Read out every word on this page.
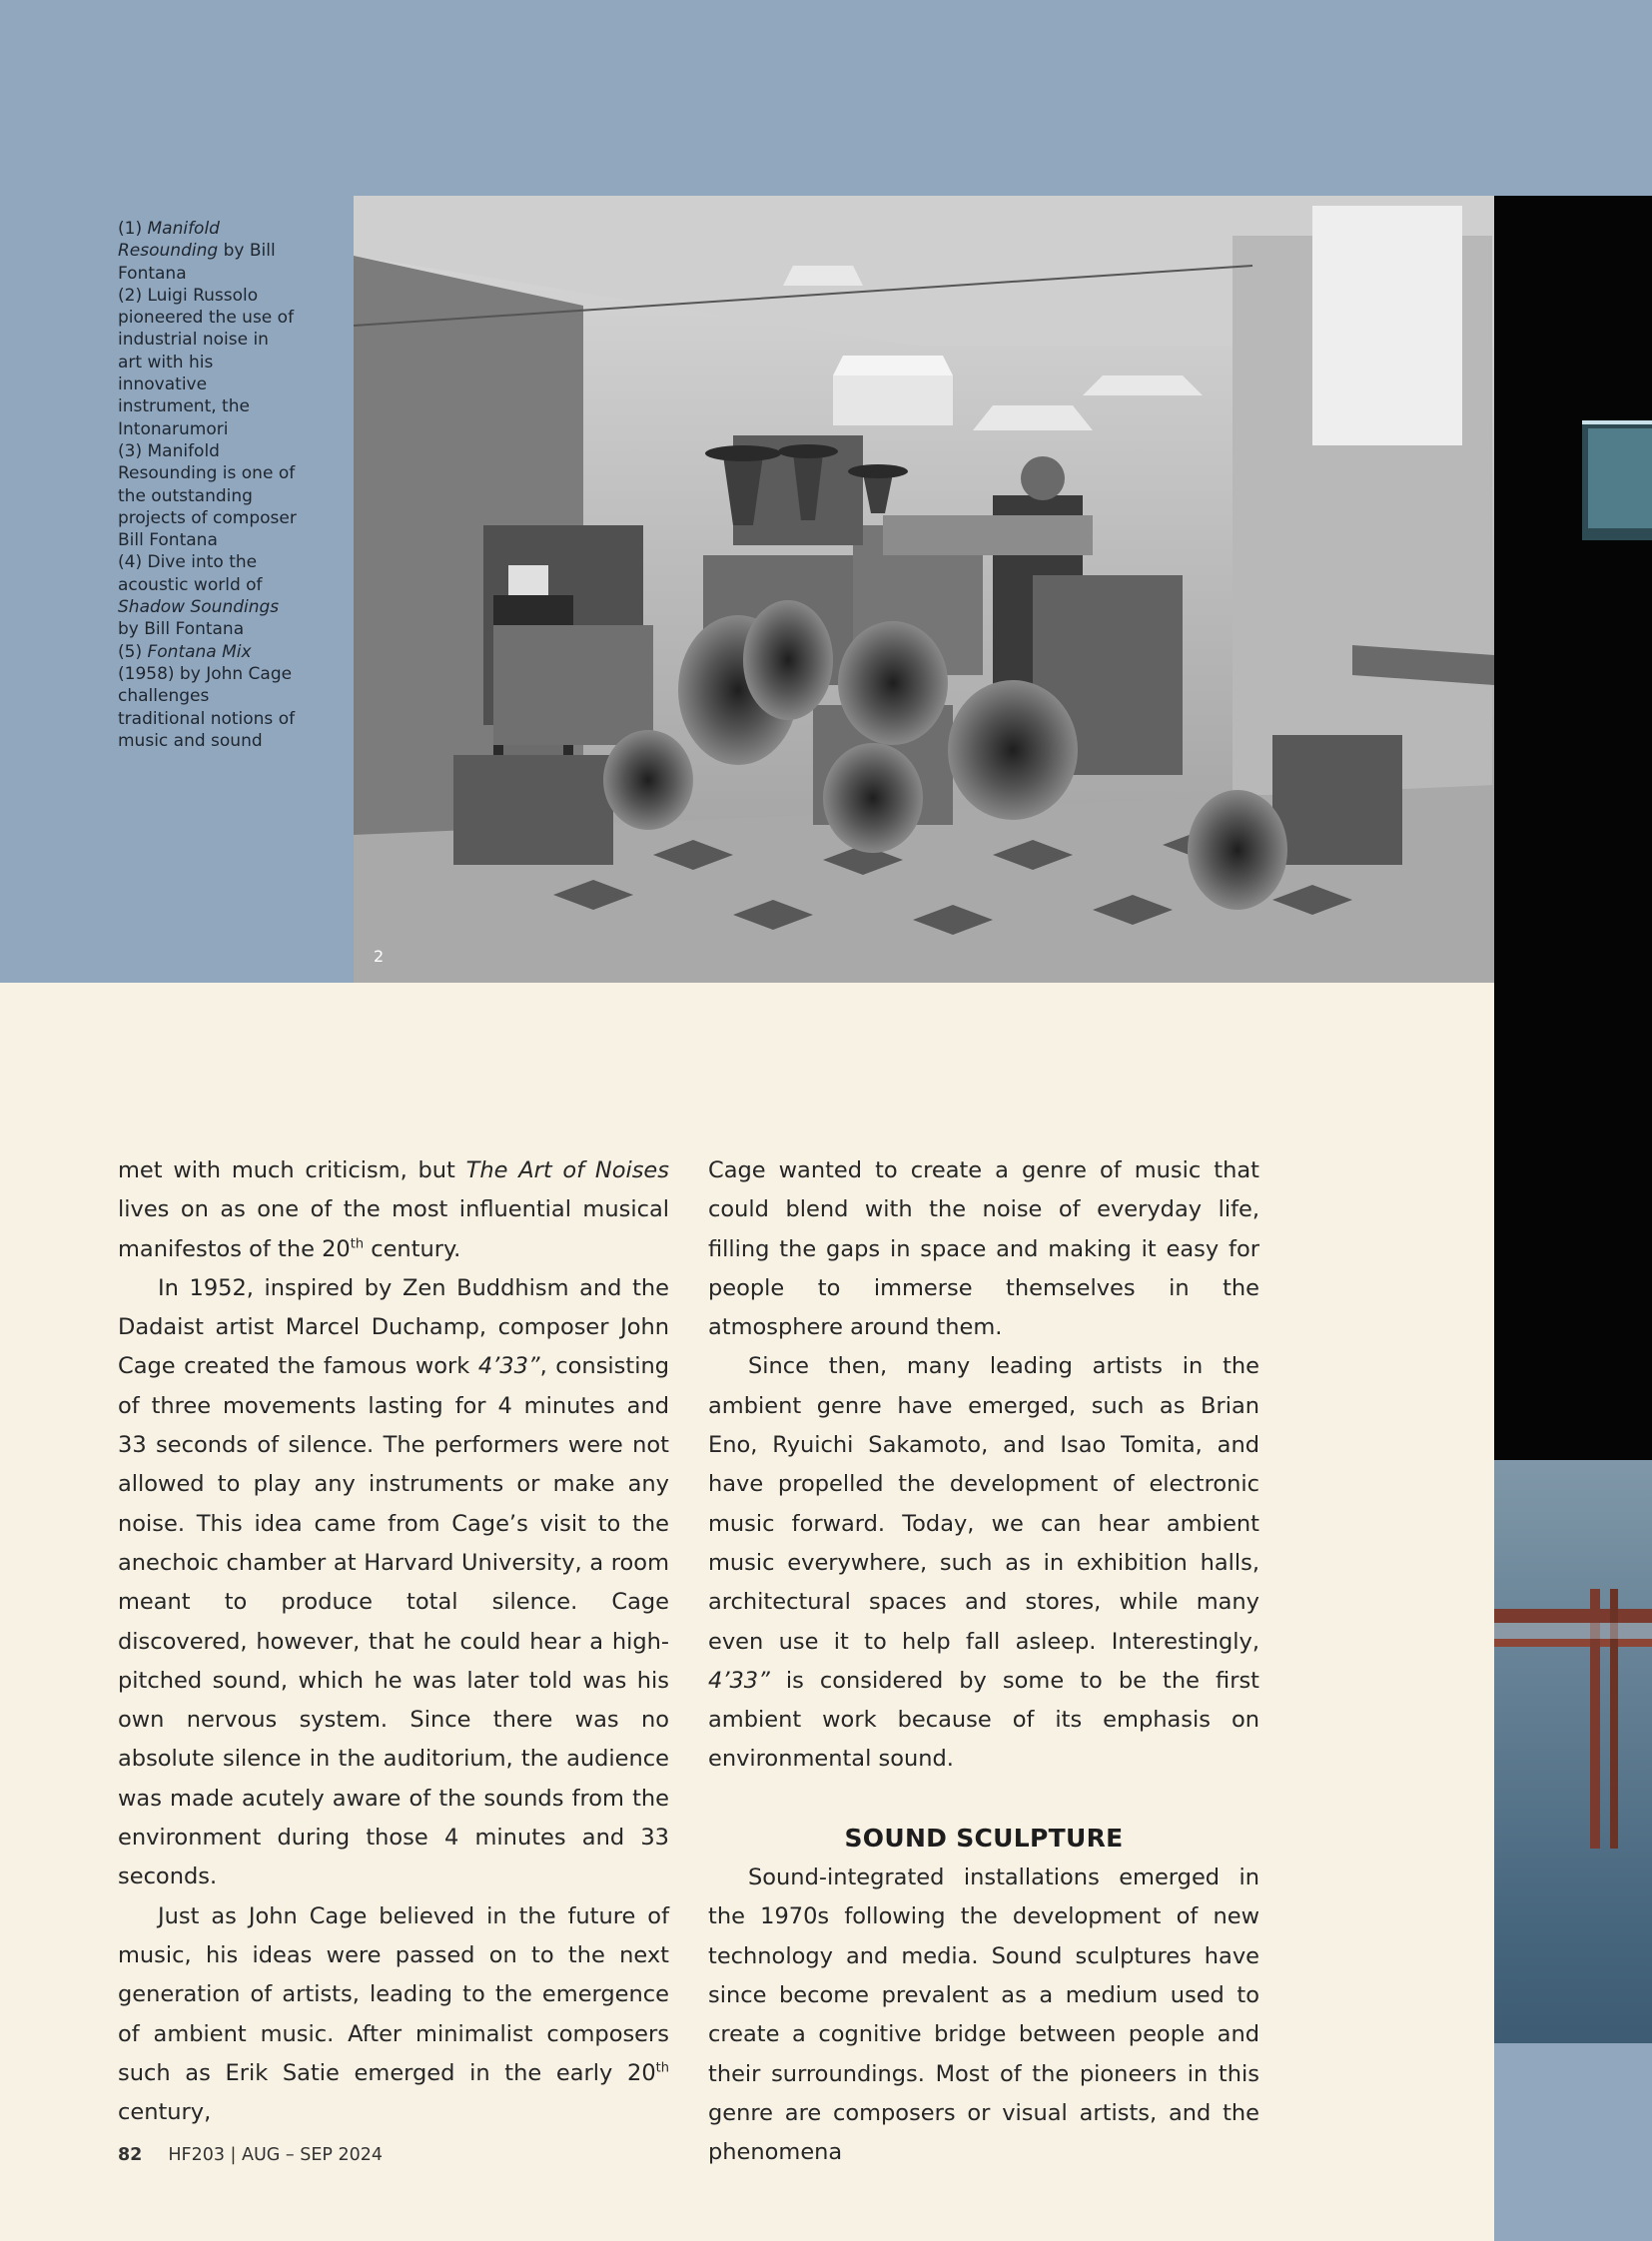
(1) Manifold Resounding by Bill Fontana

(2) Luigi Russolo pioneered the use of industrial noise in art with his innovative instrument, the Intonarumori

(3) Manifold Resounding is one of the outstanding projects of composer Bill Fontana

(4) Dive into the acoustic world of Shadow Soundings by Bill Fontana

(5) Fontana Mix (1958) by John Cage challenges traditional notions of music and sound

2

met with much criticism, but The Art of Noises lives on as one of the most influential musical manifestos of the 20th century.

In 1952, inspired by Zen Buddhism and the Dadaist artist Marcel Duchamp, composer John Cage created the famous work 4’33”, consisting of three movements lasting for 4 minutes and 33 seconds of silence. The performers were not allowed to play any instruments or make any noise. This idea came from Cage’s visit to the anechoic chamber at Harvard University, a room meant to produce total silence. Cage discovered, however, that he could hear a high-pitched sound, which he was later told was his own nervous system. Since there was no absolute silence in the auditorium, the audience was made acutely aware of the sounds from the environment during those 4 minutes and 33 seconds.

Just as John Cage believed in the future of music, his ideas were passed on to the next generation of artists, leading to the emergence of ambient music. After minimalist composers such as Erik Satie emerged in the early 20th century,

Cage wanted to create a genre of music that could blend with the noise of everyday life, filling the gaps in space and making it easy for people to immerse themselves in the atmosphere around them.

Since then, many leading artists in the ambient genre have emerged, such as Brian Eno, Ryuichi Sakamoto, and Isao Tomita, and have propelled the development of electronic music forward. Today, we can hear ambient music everywhere, such as in exhibition halls, architectural spaces and stores, while many even use it to help fall asleep. Interestingly, 4’33” is considered by some to be the first ambient work because of its emphasis on environmental sound.

SOUND SCULPTURE

Sound-integrated installations emerged in the 1970s following the development of new technology and media. Sound sculptures have since become prevalent as a medium used to create a cognitive bridge between people and their surroundings. Most of the pioneers in this genre are composers or visual artists, and the phenomena

82 HF203 | AUG – SEP 2024
